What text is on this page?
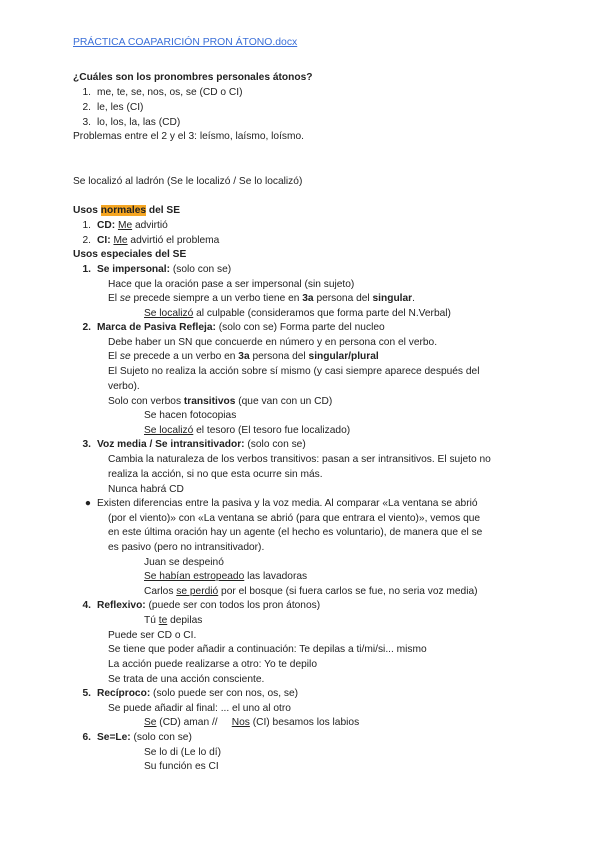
PRÁCTICA COAPARICIÓN PRON ÁTONO.docx
¿Cuáles son los pronombres personales átonos?
1. me, te, se, nos, os, se (CD o CI)
2. le, les (CI)
3. lo, los, la, las (CD)
Problemas entre el 2 y el 3: leísmo, laísmo, loísmo.
Se localizó al ladrón (Se le localizó / Se lo localizó)
Usos normales del SE
1. CD: Me advirtió
2. CI: Me advirtió el problema
Usos especiales del SE
1. Se impersonal: (solo con se)
Hace que la oración pase a ser impersonal (sin sujeto)
El se precede siempre a un verbo tiene en 3a persona del singular.
Se localizó al culpable (consideramos que forma parte del N.Verbal)
2. Marca de Pasiva Refleja: (solo con se) Forma parte del nucleo
Debe haber un SN que concuerde en número y en persona con el verbo.
El se precede a un verbo en 3a persona del singular/plural
El Sujeto no realiza la acción sobre sí mismo (y casi siempre aparece después del
verbo).
Solo con verbos transitivos (que van con un CD)
Se hacen fotocopias
Se localizó el tesoro (El tesoro fue localizado)
3. Voz media / Se intransitivador: (solo con se)
Cambia la naturaleza de los verbos transitivos: pasan a ser intransitivos. El sujeto no
realiza la acción, si no que esta ocurre sin más.
Nunca habrá CD
● Existen diferencias entre la pasiva y la voz media. Al comparar «La ventana se abrió
(por el viento)» con «La ventana se abrió (para que entrara el viento)», vemos que
en este última oración hay un agente (el hecho es voluntario), de manera que el se
es pasivo (pero no intransitivador).
Juan se despeinó
Se habían estropeado las lavadoras
Carlos se perdió por el bosque (si fuera carlos se fue, no seria voz media)
4. Reflexivo: (puede ser con todos los pron átonos)
Tú te depilas
Puede ser CD o CI.
Se tiene que poder añadir a continuación: Te depilas a ti/mi/si... mismo
La acción puede realizarse a otro: Yo te depilo
Se trata de una acción consciente.
5. Recíproco: (solo puede ser con nos, os, se)
Se puede añadir al final: ... el uno al otro
Se (CD) aman //     Nos (CI) besamos los labios
6. Se=Le: (solo con se)
Se lo di (Le lo dí)
Su función es CI
